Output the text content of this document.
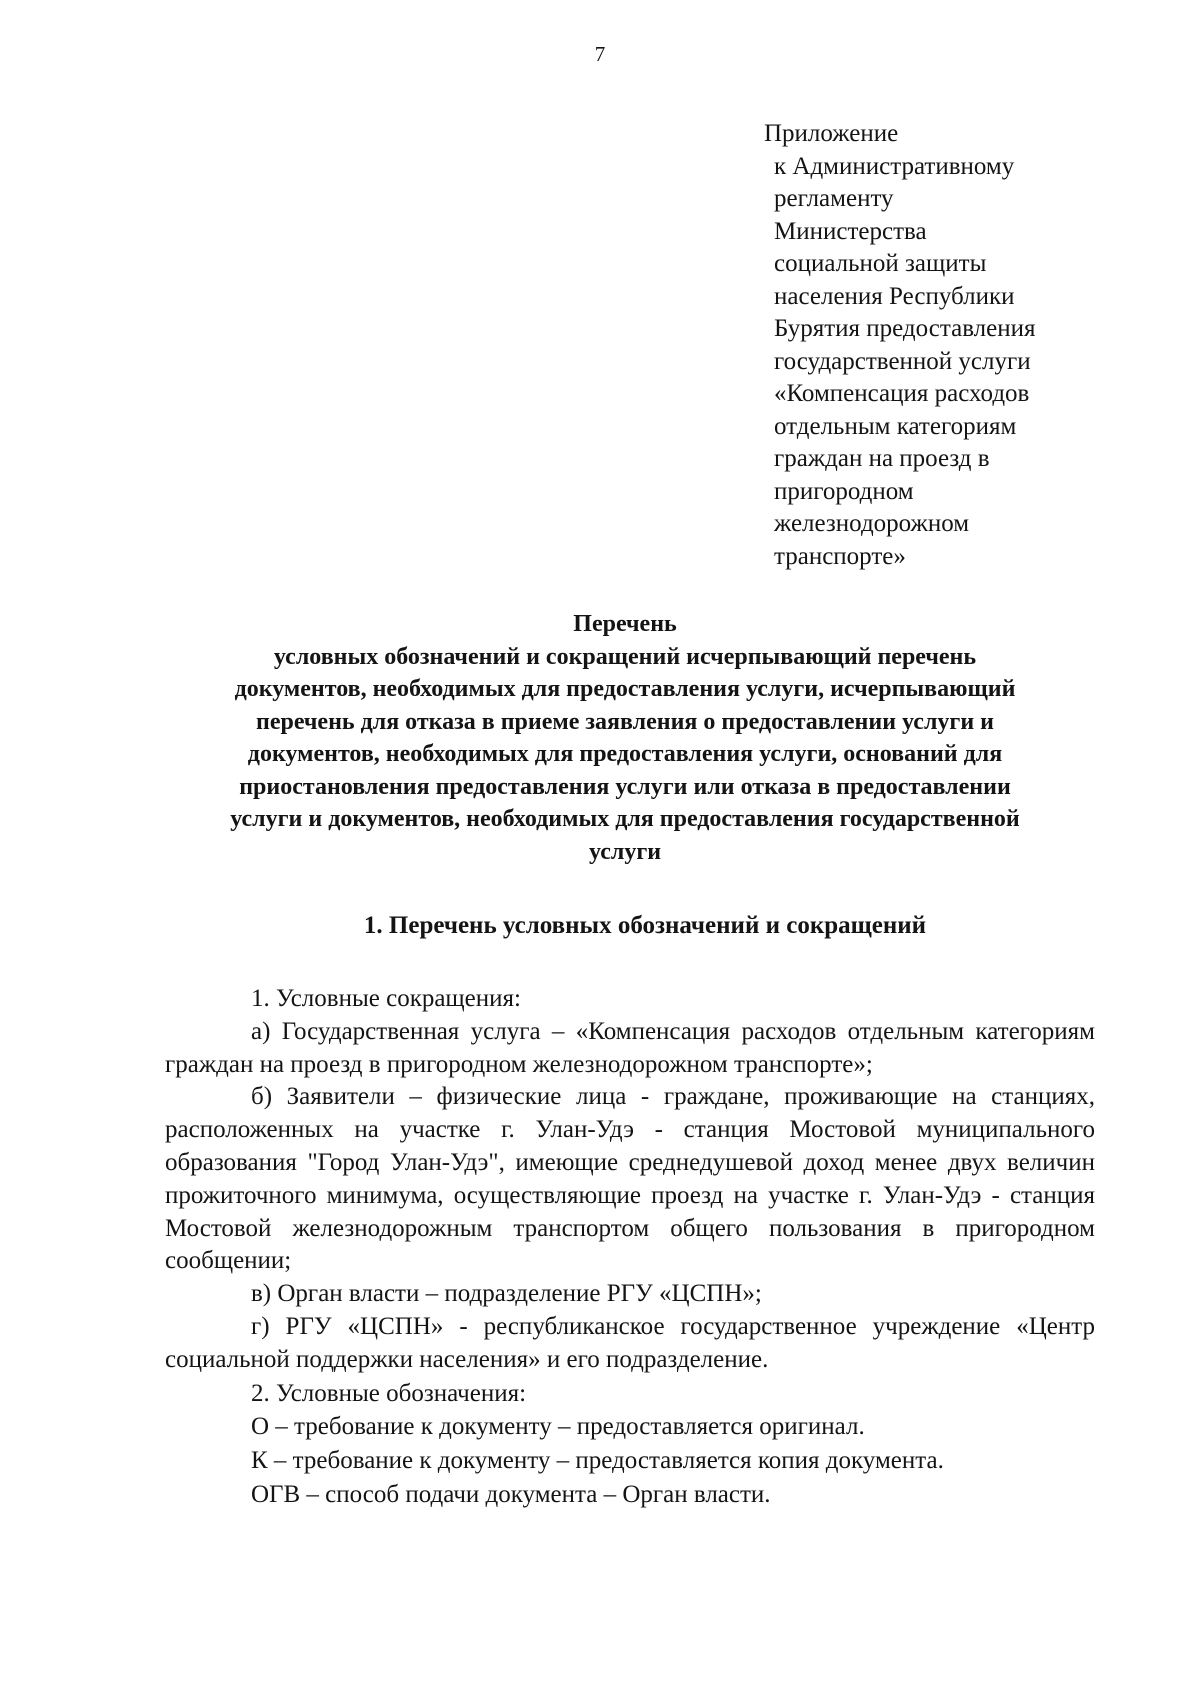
7
Приложение
к Административному
регламенту
Министерства
социальной защиты
населения Республики
Бурятия предоставления
государственной услуги
«Компенсация расходов
отдельным категориям
граждан на проезд в
пригородном
железнодорожном
транспорте»
Перечень
условных обозначений и сокращений исчерпывающий перечень
документов, необходимых для предоставления услуги, исчерпывающий
перечень для отказа в приеме заявления о предоставлении услуги и
документов, необходимых для предоставления услуги, оснований для
приостановления предоставления услуги или отказа в предоставлении
услуги и документов, необходимых для предоставления государственной
услуги
1. Перечень условных обозначений и сокращений

1. Условные сокращения:

а) Государственная услуга – «Компенсация расходов отдельным категориям граждан на проезд в пригородном железнодорожном транспорте»;

б) Заявители – физические лица - граждане, проживающие на станциях, расположенных на участке г. Улан-Удэ - станция Мостовой муниципального образования "Город Улан-Удэ", имеющие среднедушевой доход менее двух величин прожиточного минимума, осуществляющие проезд на участке г. Улан-Удэ - станция Мостовой железнодорожным транспортом общего пользования в пригородном сообщении;

в) Орган власти – подразделение РГУ «ЦСПН»;

г) РГУ «ЦСПН» - республиканское государственное учреждение «Центр социальной поддержки населения» и его подразделение.

2. Условные обозначения:

О – требование к документу – предоставляется оригинал.

К – требование к документу – предоставляется копия документа.

ОГВ – способ подачи документа – Орган власти.
